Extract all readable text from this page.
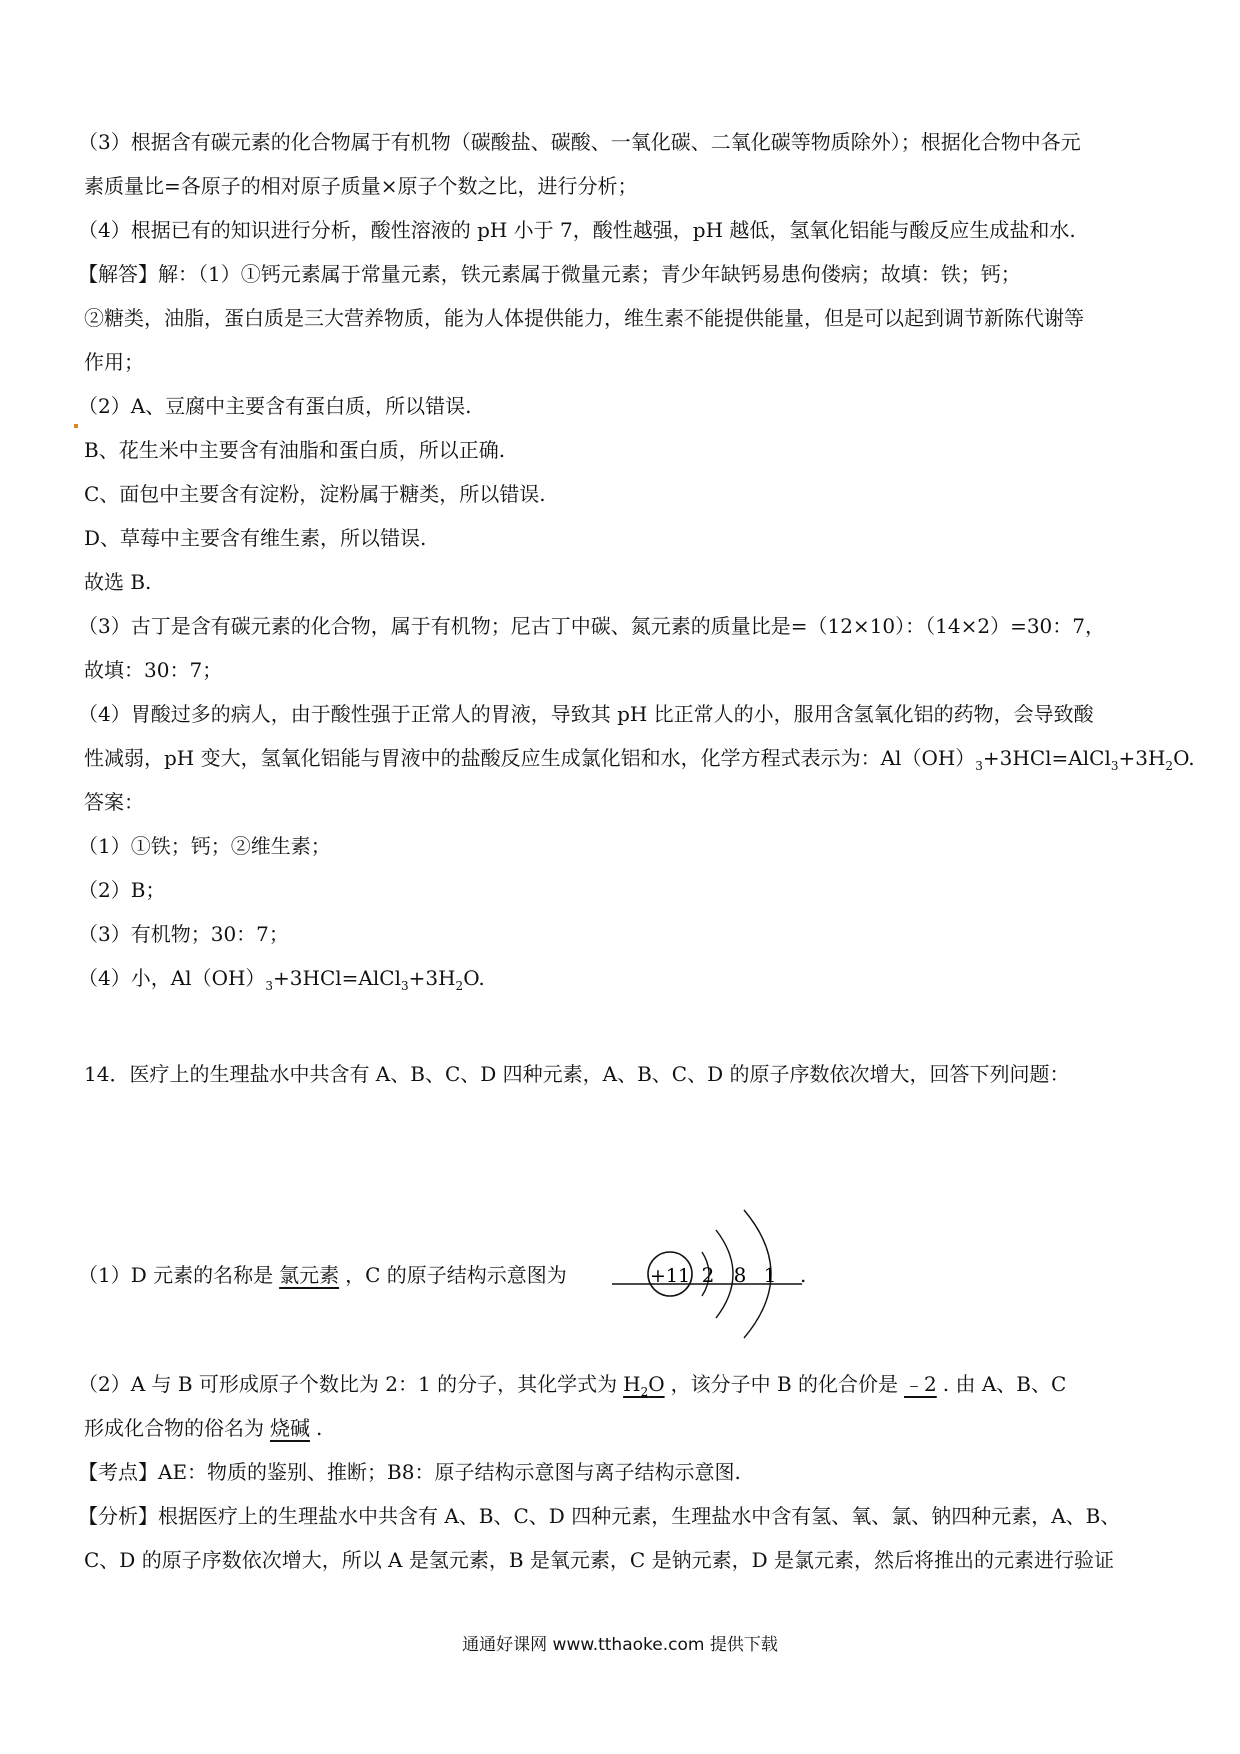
（3）根据含有碳元素的化合物属于有机物（碳酸盐、碳酸、一氧化碳、二氧化碳等物质除外）；根据化合物中各元
素质量比=各原子的相对原子质量×原子个数之比，进行分析；
（4）根据已有的知识进行分析，酸性溶液的 pH 小于 7，酸性越强，pH 越低，氢氧化铝能与酸反应生成盐和水.
【解答】解：（1）①钙元素属于常量元素，铁元素属于微量元素；青少年缺钙易患佝偻病；故填：铁；钙；
②糖类，油脂，蛋白质是三大营养物质，能为人体提供能力，维生素不能提供能量，但是可以起到调节新陈代谢等
作用；
（2）A、豆腐中主要含有蛋白质，所以错误.
B、花生米中主要含有油脂和蛋白质，所以正确.
C、面包中主要含有淀粉，淀粉属于糖类，所以错误.
D、草莓中主要含有维生素，所以错误.
故选 B.
（3）古丁是含有碳元素的化合物，属于有机物；尼古丁中碳、氮元素的质量比是=（12×10）：（14×2）=30：7，
故填：30：7；
（4）胃酸过多的病人，由于酸性强于正常人的胃液，导致其 pH 比正常人的小，服用含氢氧化铝的药物，会导致酸
性减弱，pH 变大，氢氧化铝能与胃液中的盐酸反应生成氯化铝和水，化学方程式表示为：$Al(OH)_3+3HCl=AlCl_3+3H_2O$.
答案：
（1）①铁；钙；②维生素；
（2）B；
（3）有机物；30：7；
（4）小，$Al(OH)_3+3HCl=AlCl_3+3H_2O$.
14．医疗上的生理盐水中共含有 A、B、C、D 四种元素，A、B、C、D 的原子序数依次增大，回答下列问题：
（1）D 元素的名称是 氯元素 ，C 的原子结构示意图为	+11 2 8 1 .
（2）A 与 B 可形成原子个数比为 2：1 的分子，其化学式为 $H_2O$ ，该分子中 B 的化合价是 ﹣2 . 由 A、B、C
形成化合物的俗名为 烧碱 .
【考点】AE：物质的鉴别、推断；B8：原子结构示意图与离子结构示意图.
【分析】根据医疗上的生理盐水中共含有 A、B、C、D 四种元素，生理盐水中含有氢、氧、氯、钠四种元素，A、B、
C、D 的原子序数依次增大，所以 A 是氢元素，B 是氧元素，C 是钠元素，D 是氯元素，然后将推出的元素进行验证
通通好课网 www.tthaoke.com 提供下载
